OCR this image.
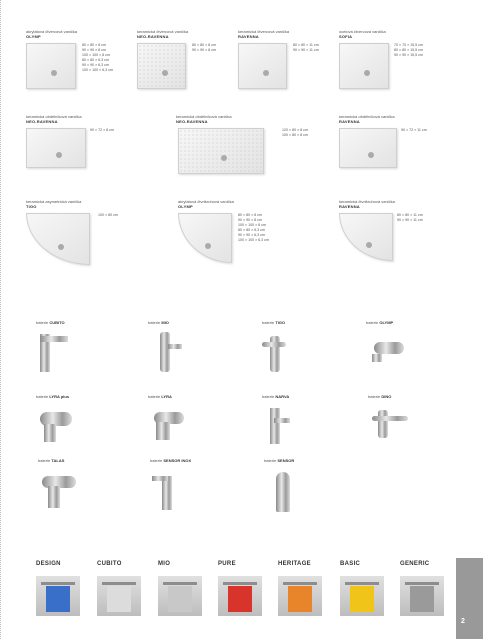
akrylátová čtvercová vanička
OLYMP
80 × 80 × 8 cm
90 × 90 × 8 cm
100 × 100 × 8 cm
80 × 80 × 6,3 cm
90 × 90 × 6,3 cm
100 × 100 × 6,3 cm
keramická čtvercová vanička
NEO-RAVENNA
80 × 80 × 8 cm
90 × 90 × 8 cm
keramická čtvercová vanička
RAVENNA
80 × 80 × 11 cm
90 × 90 × 11 cm
ocelová čtvercová vanička
SOFIA
70 × 70 × 15,5 cm
80 × 80 × 15,5 cm
90 × 90 × 15,5 cm
keramická obdélníková vanička
NEO-RAVENNA
90 × 72 × 8 cm
keramická obdélníková vanička
NEO-RAVENNA
120 × 80 × 8 cm
100 × 80 × 8 cm
keramická obdélníková vanička
RAVENNA
90 × 72 × 11 cm
keramická asymetrická vanička
TIGO
100 × 80 cm
akrylátová čtvrtkruhová vanička
OLYMP
80 × 80 × 8 cm
90 × 90 × 8 cm
100 × 100 × 8 cm
80 × 80 × 6,3 cm
90 × 90 × 6,3 cm
100 × 100 × 6,3 cm
keramická čtvrtkruhová vanička
RAVENNA
80 × 80 × 11 cm
90 × 90 × 11 cm
baterie CUBITO	baterie MIO	baterie TIGO	baterie OLYMP
baterie LYRA plus	baterie LYRA	baterie NARVA	baterie DINO
baterie TALAS	baterie SENSOR INOX	baterie SENSOR
DESIGN	CUBITO	MIO	PURE	HERITAGE	BASIC	GENERIC
2
